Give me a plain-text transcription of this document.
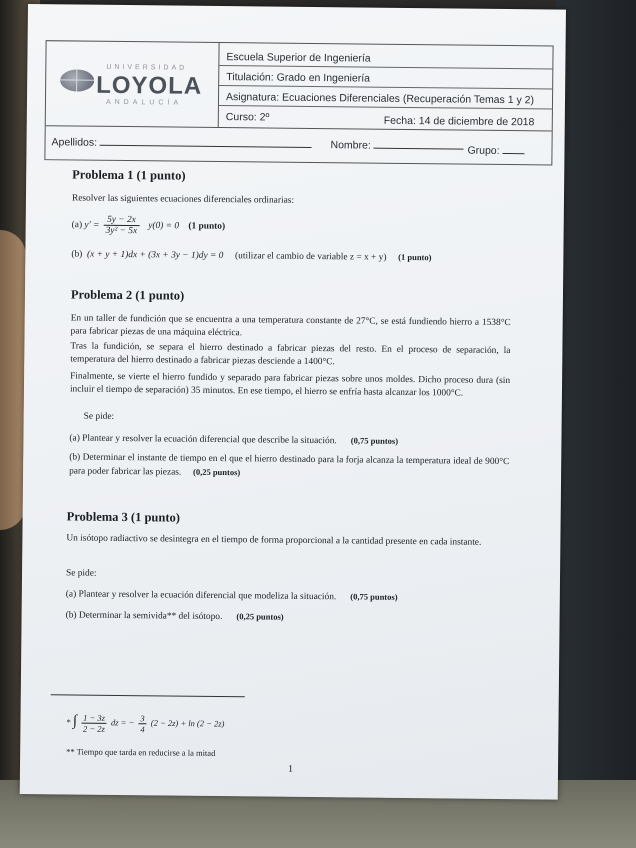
UNIVERSIDAD
LOYOLA
ANDALUCÍA
Escuela Superior de Ingeniería
Titulación: Grado en Ingeniería
Asignatura: Ecuaciones Diferenciales (Recuperación Temas 1 y 2)
Curso: 2º	Fecha: 14 de diciembre de 2018
Apellidos:	Nombre:	Grupo:
Problema 1 (1 punto)
Resolver las siguientes ecuaciones diferenciales ordinarias:
(a) $y' = \frac{5y - 2x}{\text{3y² − 5x}} y(0) = 0$ (1 punto)
(b) (x + y + 1)dx + (3x + 3y − 1)dy = 0 (utilizar el cambio de variable z = x + y) (1 punto)
Problema 2 (1 punto)
En un taller de fundición que se encuentra a una temperatura constante de 27°C, se está fundiendo hierro a 1538°C para fabricar piezas de una máquina eléctrica.
Tras la fundición, se separa el hierro destinado a fabricar piezas del resto. En el proceso de separación, la temperatura del hierro destinado a fabricar piezas desciende a 1400°C.
Finalmente, se vierte el hierro fundido y separado para fabricar piezas sobre unos moldes. Dicho proceso dura (sin incluir el tiempo de separación) 35 minutos. En ese tiempo, el hierro se enfría hasta alcanzar los 1000°C.
Se pide:
(a) Plantear y resolver la ecuación diferencial que describe la situación. (0,75 puntos)
(b) Determinar el instante de tiempo en el que el hierro destinado para la forja alcanza la temperatura ideal de 900°C para poder fabricar las piezas. (0,25 puntos)
Problema 3 (1 punto)
Un isótopo radiactivo se desintegra en el tiempo de forma proporcional a la cantidad presente en cada instante.
Se pide:
(a) Plantear y resolver la ecuación diferencial que modeliza la situación. (0,75 puntos)
(b) Determinar la semivida** del isótopo. (0,25 puntos)
* ∫ $\frac{1 - 3z}{2 - 2z}$ dz = − $\frac{3}{4} (2 - 2z) + \ln (2 - 2z)$
** Tiempo que tarda en reducirse a la mitad
1
